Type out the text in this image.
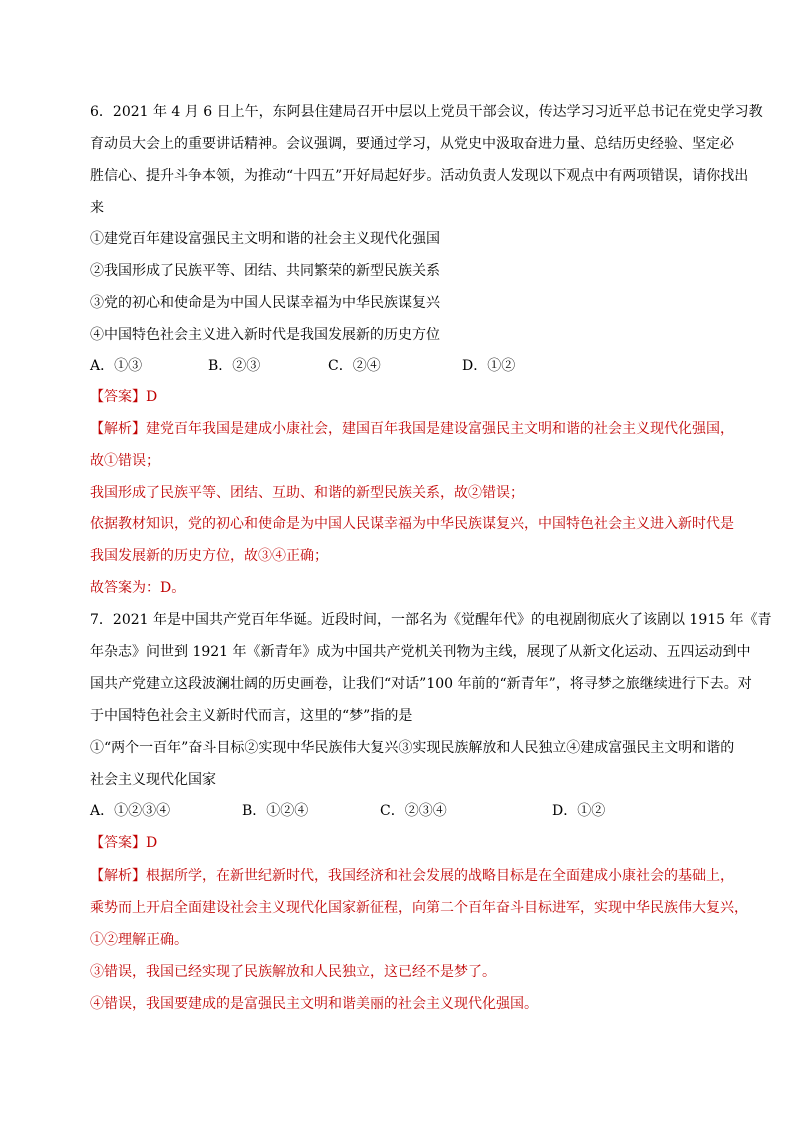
6．2021 年 4 月 6 日上午，东阿县住建局召开中层以上党员干部会议，传达学习习近平总书记在党史学习教
育动员大会上的重要讲话精神。会议强调，要通过学习，从党史中汲取奋进力量、总结历史经验、坚定必
胜信心、提升斗争本领，为推动“十四五”开好局起好步。活动负责人发现以下观点中有两项错误，请你找出
来
①建党百年建设富强民主文明和谐的社会主义现代化强国
②我国形成了民族平等、团结、共同繁荣的新型民族关系
③党的初心和使命是为中国人民谋幸福为中华民族谋复兴
④中国特色社会主义进入新时代是我国发展新的历史方位
A．①③	B．②③	C．②④	D．①②
【答案】D
【解析】建党百年我国是建成小康社会，建国百年我国是建设富强民主文明和谐的社会主义现代化强国，
故①错误；
我国形成了民族平等、团结、互助、和谐的新型民族关系，故②错误；
依据教材知识，党的初心和使命是为中国人民谋幸福为中华民族谋复兴，中国特色社会主义进入新时代是
我国发展新的历史方位，故③④正确；
故答案为：D。
7．2021 年是中国共产党百年华诞。近段时间，一部名为《觉醒年代》的电视剧彻底火了该剧以 1915 年《青
年杂志》问世到 1921 年《新青年》成为中国共产党机关刊物为主线，展现了从新文化运动、五四运动到中
国共产党建立这段波澜壮阔的历史画卷，让我们“对话”100 年前的“新青年”，将寻梦之旅继续进行下去。对
于中国特色社会主义新时代而言，这里的“梦”指的是
①“两个一百年”奋斗目标②实现中华民族伟大复兴③实现民族解放和人民独立④建成富强民主文明和谐的
社会主义现代化国家
A．①②③④	B．①②④	C．②③④	D．①②
【答案】D
【解析】根据所学，在新世纪新时代，我国经济和社会发展的战略目标是在全面建成小康社会的基础上，
乘势而上开启全面建设社会主义现代化国家新征程，向第二个百年奋斗目标进军，实现中华民族伟大复兴，
①②理解正确。
③错误，我国已经实现了民族解放和人民独立，这已经不是梦了。
④错误，我国要建成的是富强民主文明和谐美丽的社会主义现代化强国。
